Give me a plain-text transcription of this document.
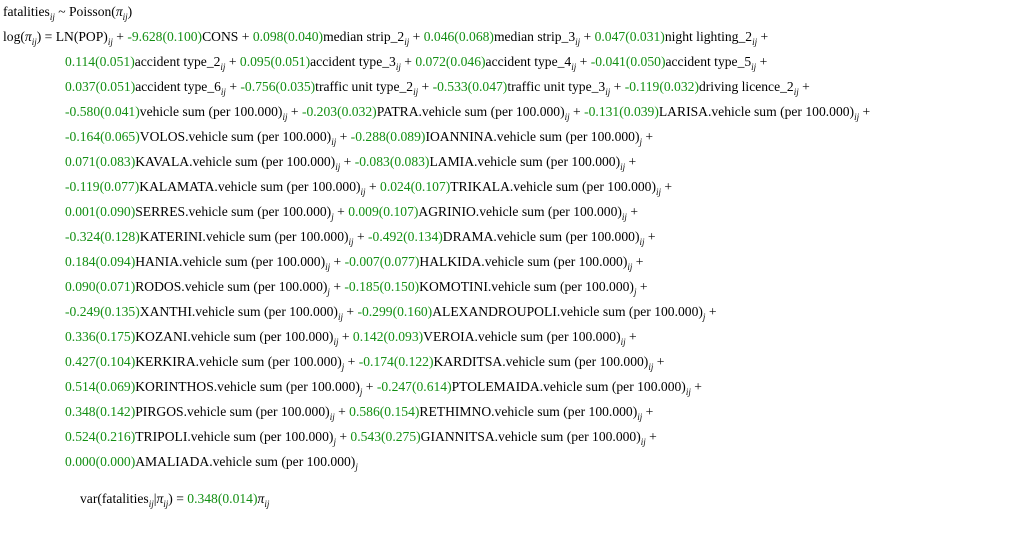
fatalities$_{ij}$ ~ $Poisson(\pi_{ij})$
$\log(\pi_{ij}) = LN(POP)_{ij}$ + -9.628(0.100)CONS + 0.098(0.040)median $strip\_2_{ij}$ + 0.046(0.068)median $strip\_3_{ij}$ + 0.047(0.031)night $lighting\_2_{ij}$ +
0.114(0.051)accident $type\_2_{ij}$ + 0.095(0.051)accident $type\_3_{ij}$ + 0.072(0.046)accident $type\_4_{ij}$ + -0.041(0.050)accident $type\_5_{ij}$ +
0.037(0.051)accident $type\_6_{ij}$ + -0.756(0.035)traffic unit $type\_2_{ij}$ + -0.533(0.047)traffic unit $type\_3_{ij}$ + -0.119(0.032)driving $licence\_2_{ij}$ +
-0.580(0.041)vehicle sum (per $100.000)_{ij}$ + -0.203(0.032)PATRA.vehicle sum (per $100.000)_{ij}$ + -0.131(0.039)LARISA.vehicle sum (per $100.000)_{ij}$ +
-0.164(0.065)VOLOS.vehicle sum (per $100.000)_{ij}$ + -0.288(0.089)IOANNINA.vehicle sum (per $100.000)_j$ +
0.071(0.083)KAVALA.vehicle sum (per $100.000)_{ij}$ + -0.083(0.083)LAMIA.vehicle sum (per $100.000)_{ij}$ +
-0.119(0.077)KALAMATA.vehicle sum (per $100.000)_{ij}$ + 0.024(0.107)TRIKALA.vehicle sum (per $100.000)_{ij}$ +
0.001(0.090)SERRES.vehicle sum (per $100.000)_j$ + 0.009(0.107)AGRINIO.vehicle sum (per $100.000)_{ij}$ +
-0.324(0.128)KATERINI.vehicle sum (per $100.000)_{ij}$ + -0.492(0.134)DRAMA.vehicle sum (per $100.000)_{ij}$ +
0.184(0.094)HANIA.vehicle sum (per $100.000)_{ij}$ + -0.007(0.077)HALKIDA.vehicle sum (per $100.000)_{ij}$ +
0.090(0.071)RODOS.vehicle sum (per $100.000)_j$ + -0.185(0.150)KOMOTINI.vehicle sum (per $100.000)_j$ +
-0.249(0.135)XANTHI.vehicle sum (per $100.000)_{ij}$ + -0.299(0.160)ALEXANDROUPOLI.vehicle sum (per $100.000)_j$ +
0.336(0.175)KOZANI.vehicle sum (per $100.000)_{ij}$ + 0.142(0.093)VEROIA.vehicle sum (per $100.000)_{ij}$ +
0.427(0.104)KERKIRA.vehicle sum (per $100.000)_j$ + -0.174(0.122)KARDITSA.vehicle sum (per $100.000)_{ij}$ +
0.514(0.069)KORINTHOS.vehicle sum (per $100.000)_j$ + -0.247(0.614)PTOLEMAIDA.vehicle sum (per $100.000)_{ij}$ +
0.348(0.142)PIRGOS.vehicle sum (per $100.000)_{ij}$ + 0.586(0.154)RETHIMNO.vehicle sum (per $100.000)_{ij}$ +
0.524(0.216)TRIPOLI.vehicle sum (per $100.000)_j$ + 0.543(0.275)GIANNITSA.vehicle sum (per $100.000)_{ij}$ +
0.000(0.000)AMALIADA.vehicle sum (per $100.000)_j$
$var(fatalities_{ij}|\pi_{ij}) = 0.348(0.014)\pi_{ij}$
